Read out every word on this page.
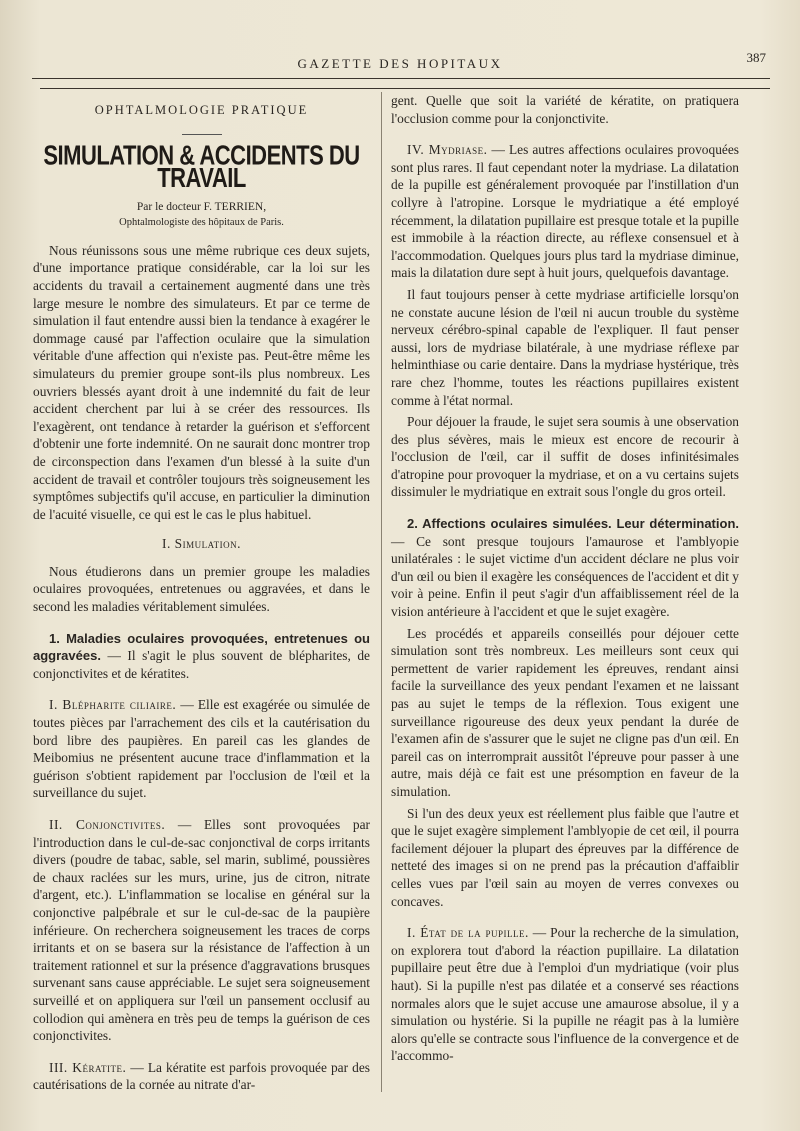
GAZETTE DES HOPITAUX	387
OPHTALMOLOGIE PRATIQUE
SIMULATION & ACCIDENTS DU TRAVAIL
Par le docteur F. TERRIEN,
Ophtalmologiste des hôpitaux de Paris.

Nous réunissons sous une même rubrique ces deux sujets, d'une importance pratique considérable, car la loi sur les accidents du travail a certainement augmenté dans une très large mesure le nombre des simulateurs. Et par ce terme de simulation il faut entendre aussi bien la tendance à exagérer le dommage causé par l'affection oculaire que la simulation véritable d'une affection qui n'existe pas. Peut-être même les simulateurs du premier groupe sont-ils plus nombreux. Les ouvriers blessés ayant droit à une indemnité du fait de leur accident cherchent par lui à se créer des ressources. Ils l'exagèrent, ont tendance à retarder la guérison et s'efforcent d'obtenir une forte indemnité. On ne saurait donc montrer trop de circonspection dans l'examen d'un blessé à la suite d'un accident de travail et contrôler toujours très soigneusement les symptômes subjectifs qu'il accuse, en particulier la diminution de l'acuité visuelle, ce qui est le cas le plus habituel.

I. Simulation.

Nous étudierons dans un premier groupe les maladies oculaires provoquées, entretenues ou aggravées, et dans le second les maladies véritablement simulées.

1. Maladies oculaires provoquées, entretenues ou aggravées. — Il s'agit le plus souvent de blépharites, de conjonctivites et de kératites.

I. Blépharite ciliaire. — Elle est exagérée ou simulée de toutes pièces par l'arrachement des cils et la cautérisation du bord libre des paupières. En pareil cas les glandes de Meibomius ne présentent aucune trace d'inflammation et la guérison s'obtient rapidement par l'occlusion de l'œil et la surveillance du sujet.

II. Conjonctivites. — Elles sont provoquées par l'introduction dans le cul-de-sac conjonctival de corps irritants divers (poudre de tabac, sable, sel marin, sublimé, poussières de chaux raclées sur les murs, urine, jus de citron, nitrate d'argent, etc.). L'inflammation se localise en général sur la conjonctive palpébrale et sur le cul-de-sac de la paupière inférieure. On recherchera soigneusement les traces de corps irritants et on se basera sur la résistance de l'affection à un traitement rationnel et sur la présence d'aggravations brusques survenant sans cause appréciable. Le sujet sera soigneusement surveillé et on appliquera sur l'œil un pansement occlusif au collodion qui amènera en très peu de temps la guérison de ces conjonctivites.

III. Kératite. — La kératite est parfois provoquée par des cautérisations de la cornée au nitrate d'ar-

gent. Quelle que soit la variété de kératite, on pratiquera l'occlusion comme pour la conjonctivite.

IV. Mydriase. — Les autres affections oculaires provoquées sont plus rares. Il faut cependant noter la mydriase. La dilatation de la pupille est généralement provoquée par l'instillation d'un collyre à l'atropine. Lorsque le mydriatique a été employé récemment, la dilatation pupillaire est presque totale et la pupille est immobile à la réaction directe, au réflexe consensuel et à l'accommodation. Quelques jours plus tard la mydriase diminue, mais la dilatation dure sept à huit jours, quelquefois davantage.

Il faut toujours penser à cette mydriase artificielle lorsqu'on ne constate aucune lésion de l'œil ni aucun trouble du système nerveux cérébro-spinal capable de l'expliquer. Il faut penser aussi, lors de mydriase bilatérale, à une mydriase réflexe par helminthiase ou carie dentaire. Dans la mydriase hystérique, très rare chez l'homme, toutes les réactions pupillaires existent comme à l'état normal.

Pour déjouer la fraude, le sujet sera soumis à une observation des plus sévères, mais le mieux est encore de recourir à l'occlusion de l'œil, car il suffit de doses infinitésimales d'atropine pour provoquer la mydriase, et on a vu certains sujets dissimuler le mydriatique en extrait sous l'ongle du gros orteil.

2. Affections oculaires simulées. Leur détermination. — Ce sont presque toujours l'amaurose et l'amblyopie unilatérales : le sujet victime d'un accident déclare ne plus voir d'un œil ou bien il exagère les conséquences de l'accident et dit y voir à peine. Enfin il peut s'agir d'un affaiblissement réel de la vision antérieure à l'accident et que le sujet exagère.

Les procédés et appareils conseillés pour déjouer cette simulation sont très nombreux. Les meilleurs sont ceux qui permettent de varier rapidement les épreuves, rendant ainsi facile la surveillance des yeux pendant l'examen et ne laissant pas au sujet le temps de la réflexion. Tous exigent une surveillance rigoureuse des deux yeux pendant la durée de l'examen afin de s'assurer que le sujet ne cligne pas d'un œil. En pareil cas on interromprait aussitôt l'épreuve pour passer à une autre, mais déjà ce fait est une présomption en faveur de la simulation.

Si l'un des deux yeux est réellement plus faible que l'autre et que le sujet exagère simplement l'amblyopie de cet œil, il pourra facilement déjouer la plupart des épreuves par la différence de netteté des images si on ne prend pas la précaution d'affaiblir celles vues par l'œil sain au moyen de verres convexes ou concaves.

I. État de la pupille. — Pour la recherche de la simulation, on explorera tout d'abord la réaction pupillaire. La dilatation pupillaire peut être due à l'emploi d'un mydriatique (voir plus haut). Si la pupille n'est pas dilatée et a conservé ses réactions normales alors que le sujet accuse une amaurose absolue, il y a simulation ou hystérie. Si la pupille ne réagit pas à la lumière alors qu'elle se contracte sous l'influence de la convergence et de l'accommo-
